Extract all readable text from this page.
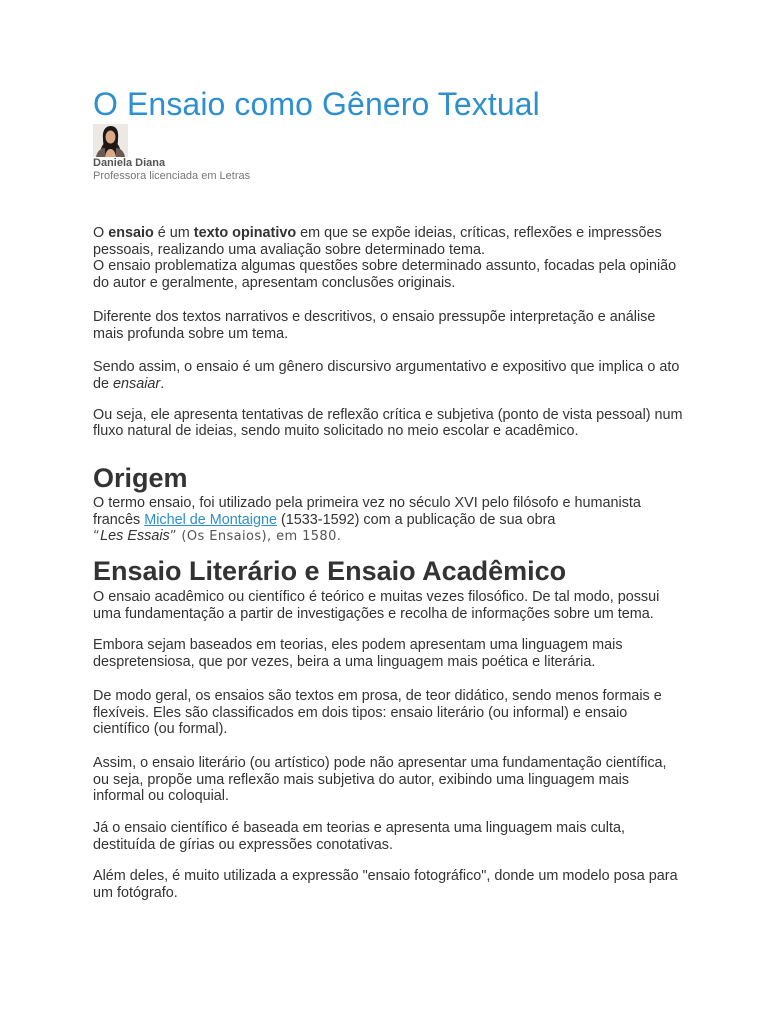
O Ensaio como Gênero Textual
Daniela Diana
Professora licenciada em Letras

O ensaio é um texto opinativo em que se expõe ideias, críticas, reflexões e impressões pessoais, realizando uma avaliação sobre determinado tema.

O ensaio problematiza algumas questões sobre determinado assunto, focadas pela opinião do autor e geralmente, apresentam conclusões originais.

Diferente dos textos narrativos e descritivos, o ensaio pressupõe interpretação e análise mais profunda sobre um tema.

Sendo assim, o ensaio é um gênero discursivo argumentativo e expositivo que implica o ato de ensaiar.

Ou seja, ele apresenta tentativas de reflexão crítica e subjetiva (ponto de vista pessoal) num fluxo natural de ideias, sendo muito solicitado no meio escolar e acadêmico.

Origem

O termo ensaio, foi utilizado pela primeira vez no século XVI pelo filósofo e humanista francês Michel de Montaigne (1533-1592) com a publicação de sua obra
“Les Essais” (Os Ensaios), em 1580.

Ensaio Literário e Ensaio Acadêmico

O ensaio acadêmico ou científico é teórico e muitas vezes filosófico. De tal modo, possui uma fundamentação a partir de investigações e recolha de informações sobre um tema.

Embora sejam baseados em teorias, eles podem apresentam uma linguagem mais despretensiosa, que por vezes, beira a uma linguagem mais poética e literária.

De modo geral, os ensaios são textos em prosa, de teor didático, sendo menos formais e flexíveis. Eles são classificados em dois tipos: ensaio literário (ou informal) e ensaio científico (ou formal).

Assim, o ensaio literário (ou artístico) pode não apresentar uma fundamentação científica, ou seja, propõe uma reflexão mais subjetiva do autor, exibindo uma linguagem mais informal ou coloquial.

Já o ensaio científico é baseada em teorias e apresenta uma linguagem mais culta, destituída de gírias ou expressões conotativas.

Além deles, é muito utilizada a expressão "ensaio fotográfico", donde um modelo posa para um fotógrafo.
